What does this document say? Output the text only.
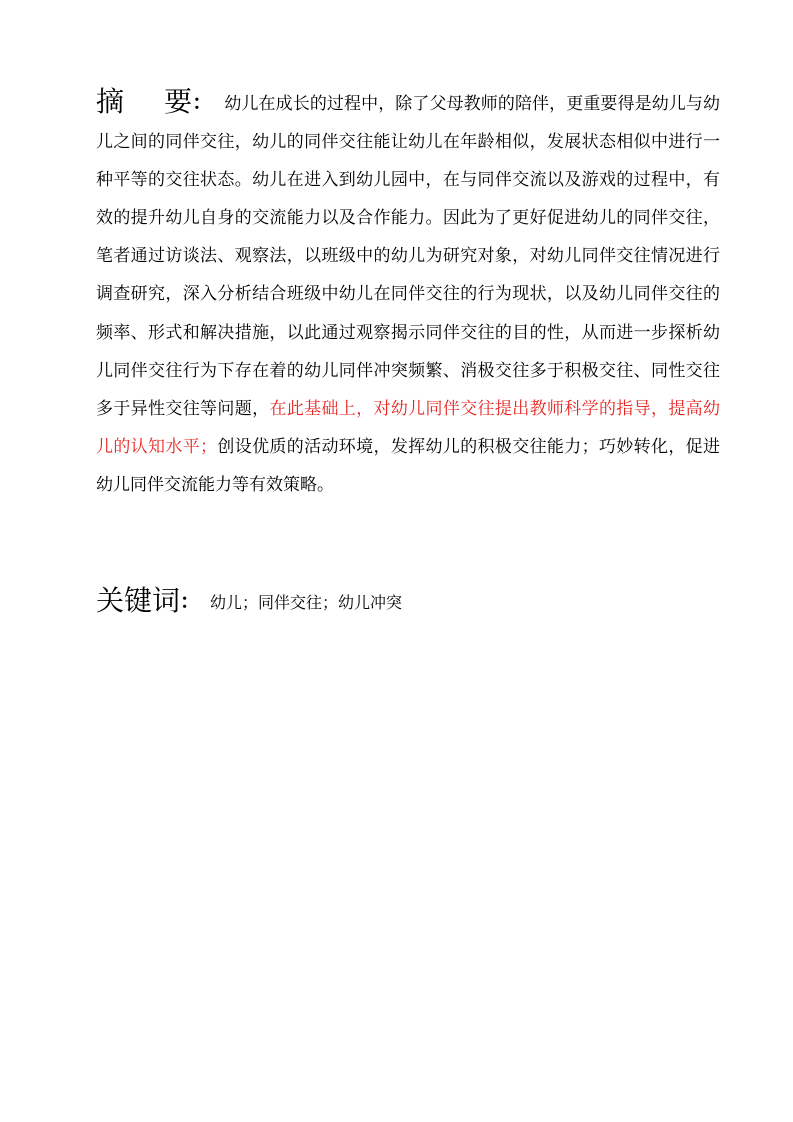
摘 要： 幼儿在成长的过程中，除了父母教师的陪伴，更重要得是幼儿与幼儿之间的同伴交往，幼儿的同伴交往能让幼儿在年龄相似，发展状态相似中进行一种平等的交往状态。幼儿在进入到幼儿园中，在与同伴交流以及游戏的过程中，有效的提升幼儿自身的交流能力以及合作能力。因此为了更好促进幼儿的同伴交往，笔者通过访谈法、观察法，以班级中的幼儿为研究对象，对幼儿同伴交往情况进行调查研究，深入分析结合班级中幼儿在同伴交往的行为现状，以及幼儿同伴交往的频率、形式和解决措施，以此通过观察揭示同伴交往的目的性，从而进一步探析幼儿同伴交往行为下存在着的幼儿同伴冲突频繁、消极交往多于积极交往、同性交往多于异性交往等问题，在此基础上，对幼儿同伴交往提出教师科学的指导，提高幼儿的认知水平；创设优质的活动环境，发挥幼儿的积极交往能力；巧妙转化，促进幼儿同伴交流能力等有效策略。

关键词： 幼儿；同伴交往；幼儿冲突
